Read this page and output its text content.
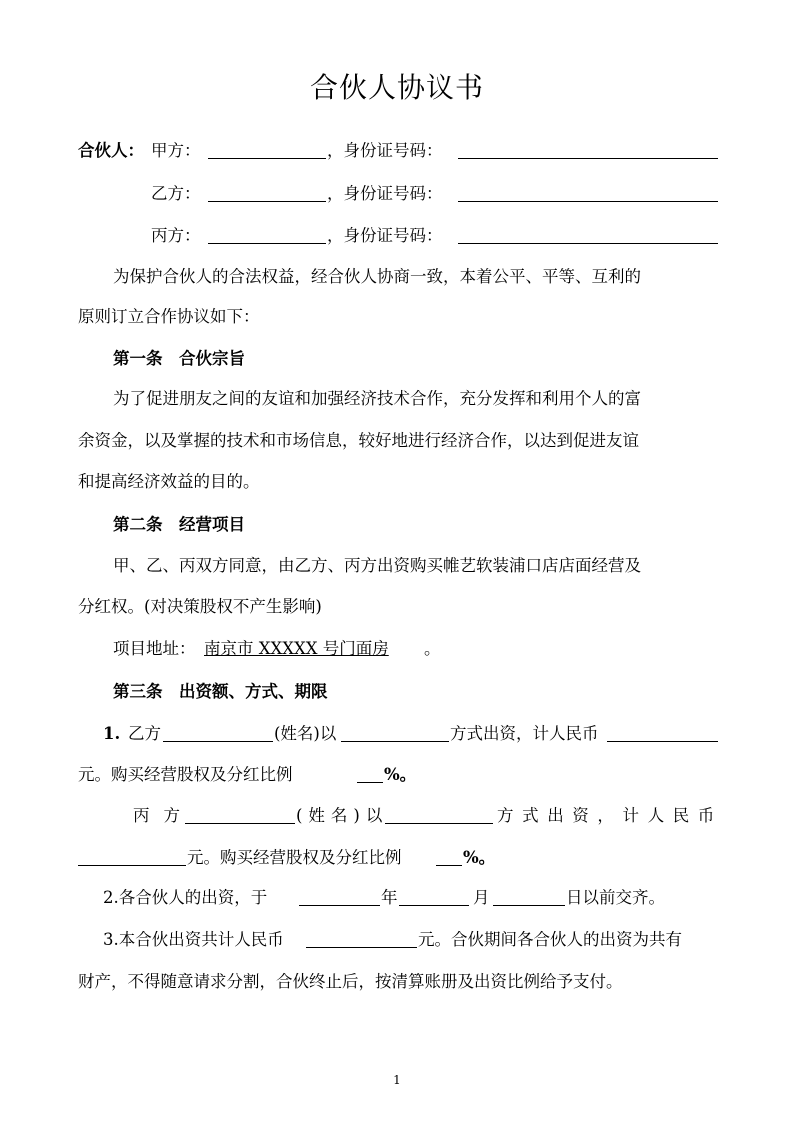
合伙人协议书
合伙人： 甲方：	，身份证号码：
乙方：	，身份证号码：
丙方：	，身份证号码：
为保护合伙人的合法权益，经合伙人协商一致，本着公平、平等、互利的
原则订立合作协议如下：
第一条　合伙宗旨
为了促进朋友之间的友谊和加强经济技术合作，充分发挥和利用个人的富
余资金，以及掌握的技术和市场信息，较好地进行经济合作，以达到促进友谊
和提高经济效益的目的。
第二条　经营项目
甲、乙、丙双方同意，由乙方、丙方出资购买帷艺软装浦口店店面经营及
分红权。(对决策股权不产生影响)
项目地址： 南京市 XXXXX 号门面房 。
第三条　出资额、方式、期限
1. 乙方	(姓名)以	方式出资，计人民币
元。购买经营股权及分红比例	%。
丙方	(姓名)以	方式出资，计人民币
元。购买经营股权及分红比例	%。
2.各合伙人的出资，于	年	月	日以前交齐。
3.本合伙出资共计人民币	元。合伙期间各合伙人的出资为共有
财产，不得随意请求分割，合伙终止后，按清算账册及出资比例给予支付。
1
